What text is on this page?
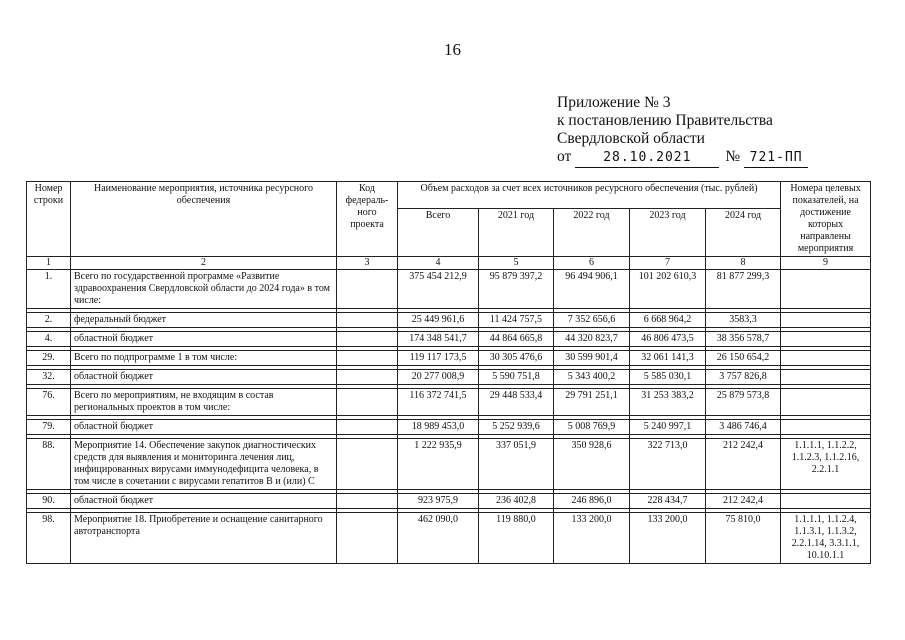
16
Приложение № 3
к постановлению Правительства
Свердловской области
от	28.10.2021	№ 721-ПП
Номер строки	Наименование мероприятия, источника ресурсного обеспечения	Код федераль-ного проекта	Объем расходов за счет всех источников ресурсного обеспечения (тыс. рублей)					Номера целевых показателей, на достижение которых направлены мероприятия
			Всего	2021 год	2022 год	2023 год	2024 год	
1	2	3	4	5	6	7	8	9
1.	Всего по государственной программе «Развитие здравоохранения Свердловской области до 2024 года» в том числе:		375 454 212,9	95 879 397,2	96 494 906,1	101 202 610,3	81 877 299,3	

2.	федеральный бюджет		25 449 961,6	11 424 757,5	7 352 656,6	6 668 964,2	3583,3	

4.	областной бюджет		174 348 541,7	44 864 665,8	44 320 823,7	46 806 473,5	38 356 578,7	

29.	Всего по подпрограмме 1 в том числе:		119 117 173,5	30 305 476,6	30 599 901,4	32 061 141,3	26 150 654,2	

32.	областной бюджет		20 277 008,9	5 590 751,8	5 343 400,2	5 585 030,1	3 757 826,8	

76.	Всего по мероприятиям, не входящим в состав региональных проектов в том числе:		116 372 741,5	29 448 533,4	29 791 251,1	31 253 383,2	25 879 573,8	

79.	областной бюджет		18 989 453,0	5 252 939,6	5 008 769,9	5 240 997,1	3 486 746,4	

88.	Мероприятие 14. Обеспечение закупок диагностических средств для выявления и мониторинга лечения лиц, инфицированных вирусами иммунодефицита человека, в том числе в сочетании с вирусами гепатитов В и (или) С		1 222 935,9	337 051,9	350 928,6	322 713,0	212 242,4	1.1.1.1, 1.1.2.2, 1.1.2.3, 1.1.2.16, 2.2.1.1

90.	областной бюджет		923 975,9	236 402,8	246 896,0	228 434,7	212 242,4	

98.	Мероприятие 18. Приобретение и оснащение санитарного автотранспорта		462 090,0	119 880,0	133 200,0	133 200,0	75 810,0	1.1.1.1, 1.1.2.4, 1.1.3.1, 1.1.3.2, 2.2.1.14, 3.3.1.1, 10.10.1.1
